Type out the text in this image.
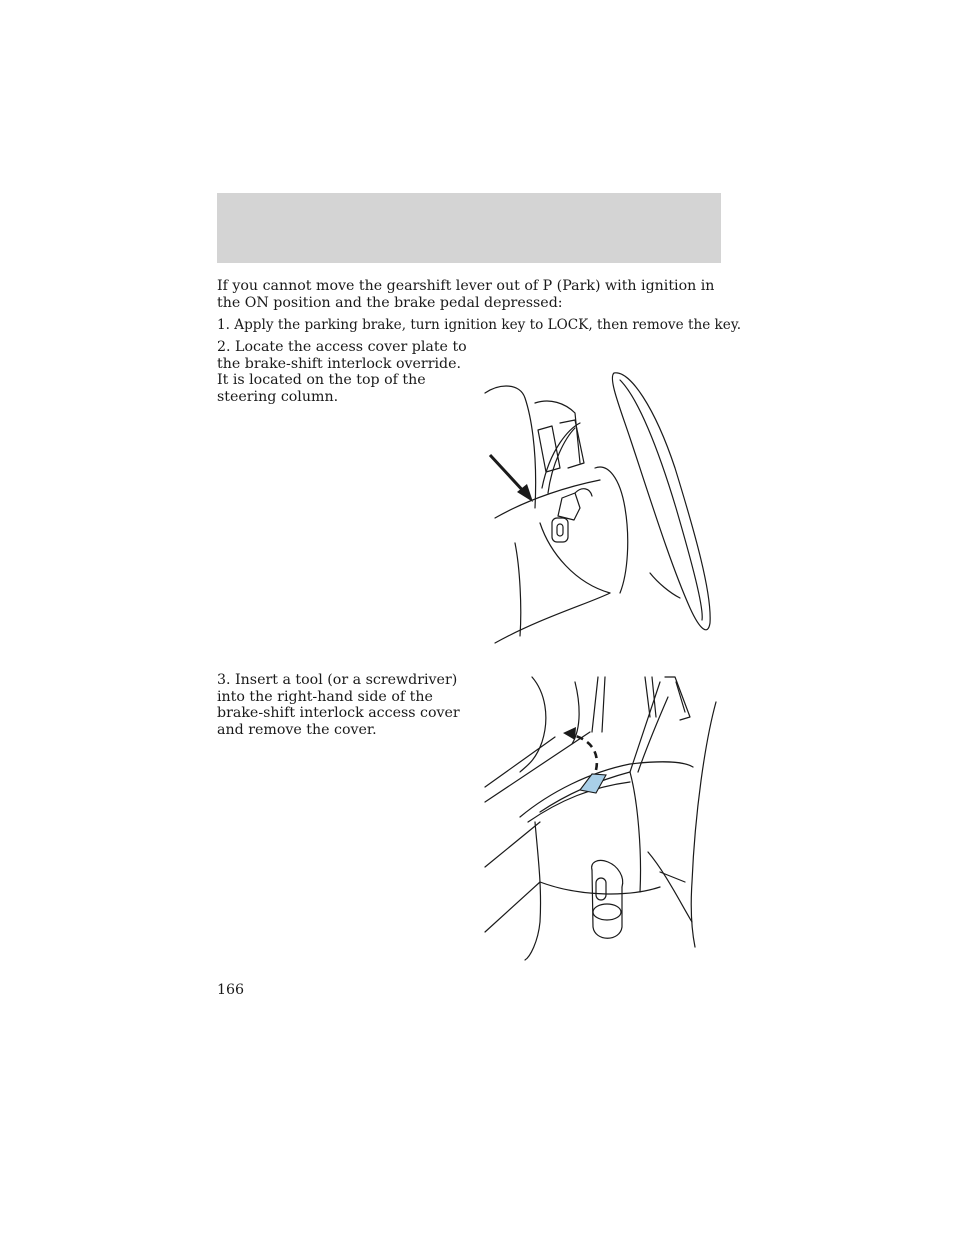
If you cannot move the gearshift lever out of P (Park) with ignition in the ON position and the brake pedal depressed:

1. Apply the parking brake, turn ignition key to LOCK, then remove the key.

2. Locate the access cover plate to the brake-shift interlock override. It is located on the top of the steering column.

3. Insert a tool (or a screwdriver) into the right-hand side of the brake-shift interlock access cover and remove the cover.

166
